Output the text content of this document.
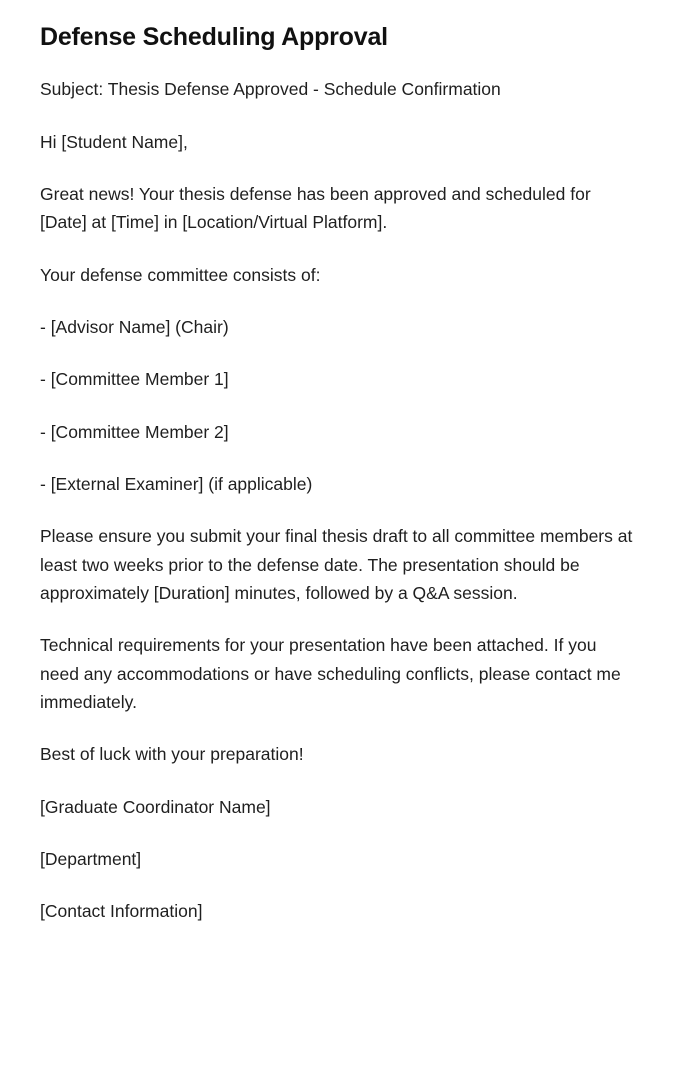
Defense Scheduling Approval

Subject: Thesis Defense Approved - Schedule Confirmation

Hi [Student Name],

Great news! Your thesis defense has been approved and scheduled for [Date] at [Time] in [Location/Virtual Platform].

Your defense committee consists of:

- [Advisor Name] (Chair)

- [Committee Member 1]

- [Committee Member 2]

- [External Examiner] (if applicable)

Please ensure you submit your final thesis draft to all committee members at least two weeks prior to the defense date. The presentation should be approximately [Duration] minutes, followed by a Q&A session.

Technical requirements for your presentation have been attached. If you need any accommodations or have scheduling conflicts, please contact me immediately.

Best of luck with your preparation!

[Graduate Coordinator Name]

[Department]

[Contact Information]
